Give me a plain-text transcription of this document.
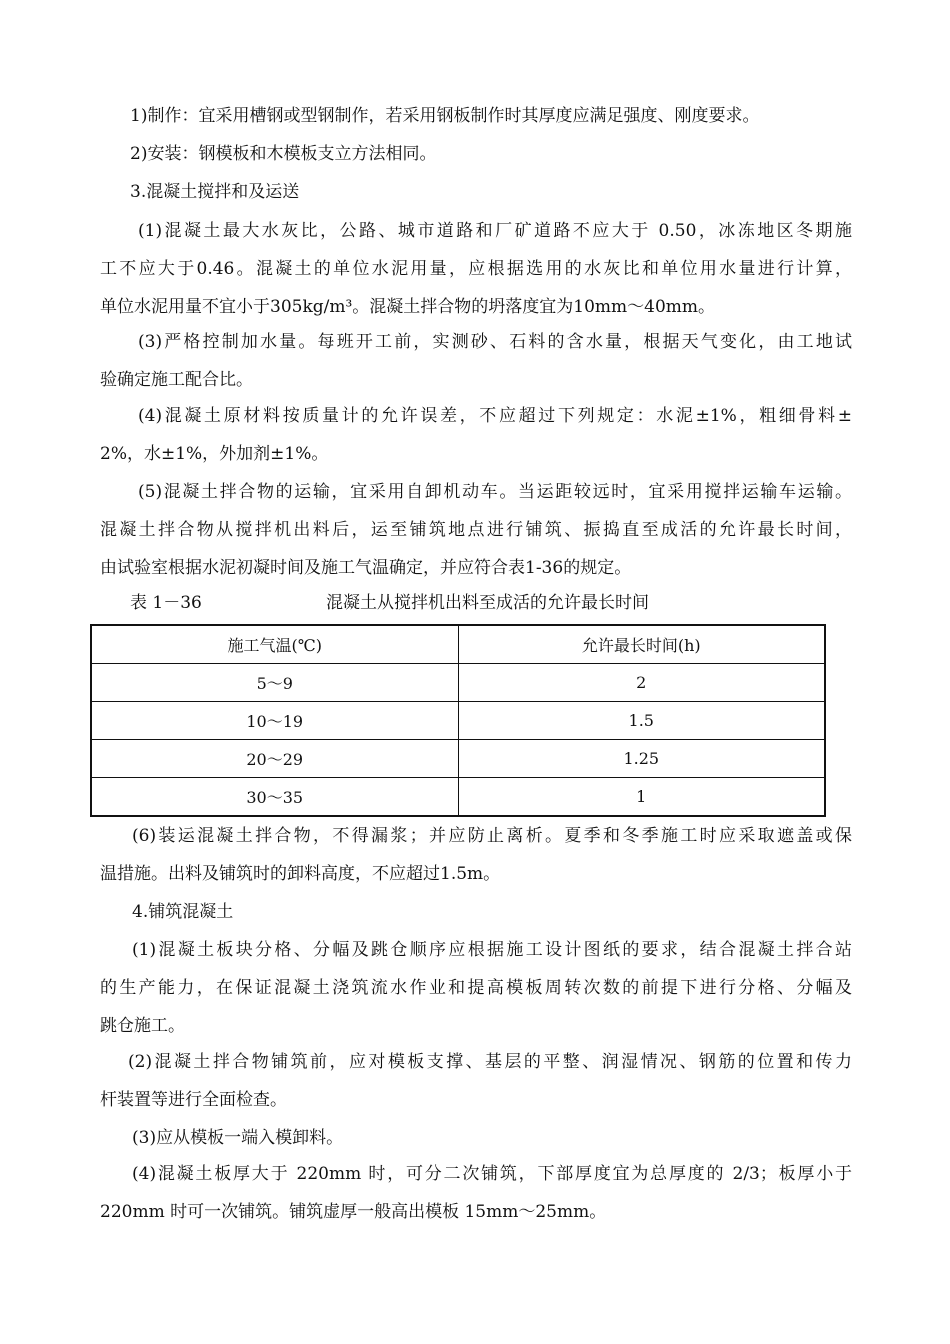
1)制作：宜采用槽钢或型钢制作，若采用钢板制作时其厚度应满足强度、刚度要求。
2)安装：钢模板和木模板支立方法相同。
3.混凝土搅拌和及运送
(1)混凝土最大水灰比，公路、城市道路和厂矿道路不应大于 0.50，冰冻地区冬期施
工不应大于0.46。混凝土的单位水泥用量，应根据选用的水灰比和单位用水量进行计算，
单位水泥用量不宜小于305kg/m³。混凝土拌合物的坍落度宜为10mm～40mm。
(3)严格控制加水量。每班开工前，实测砂、石料的含水量，根据天气变化，由工地试
验确定施工配合比。
(4)混凝土原材料按质量计的允许误差，不应超过下列规定：水泥±1%，粗细骨料±
2%，水±1%，外加剂±1%。
(5)混凝土拌合物的运输，宜采用自卸机动车。当运距较远时，宜采用搅拌运输车运输。
混凝土拌合物从搅拌机出料后，运至铺筑地点进行铺筑、振捣直至成活的允许最长时间，
由试验室根据水泥初凝时间及施工气温确定，并应符合表1-36的规定。
表 1－36	混凝土从搅拌机出料至成活的允许最长时间
施工气温(℃)	允许最长时间(h)
5～9	2
10～19	1.5
20～29	1.25
30～35	1
(6)装运混凝土拌合物，不得漏浆；并应防止离析。夏季和冬季施工时应采取遮盖或保
温措施。出料及铺筑时的卸料高度，不应超过1.5m。
4.铺筑混凝土
(1)混凝土板块分格、分幅及跳仓顺序应根据施工设计图纸的要求，结合混凝土拌合站
的生产能力，在保证混凝土浇筑流水作业和提高模板周转次数的前提下进行分格、分幅及
跳仓施工。
(2)混凝土拌合物铺筑前，应对模板支撑、基层的平整、润湿情况、钢筋的位置和传力
杆装置等进行全面检查。
(3)应从模板一端入模卸料。
(4)混凝土板厚大于 220mm 时，可分二次铺筑，下部厚度宜为总厚度的 2/3；板厚小于
220mm 时可一次铺筑。铺筑虚厚一般高出模板 15mm～25mm。
